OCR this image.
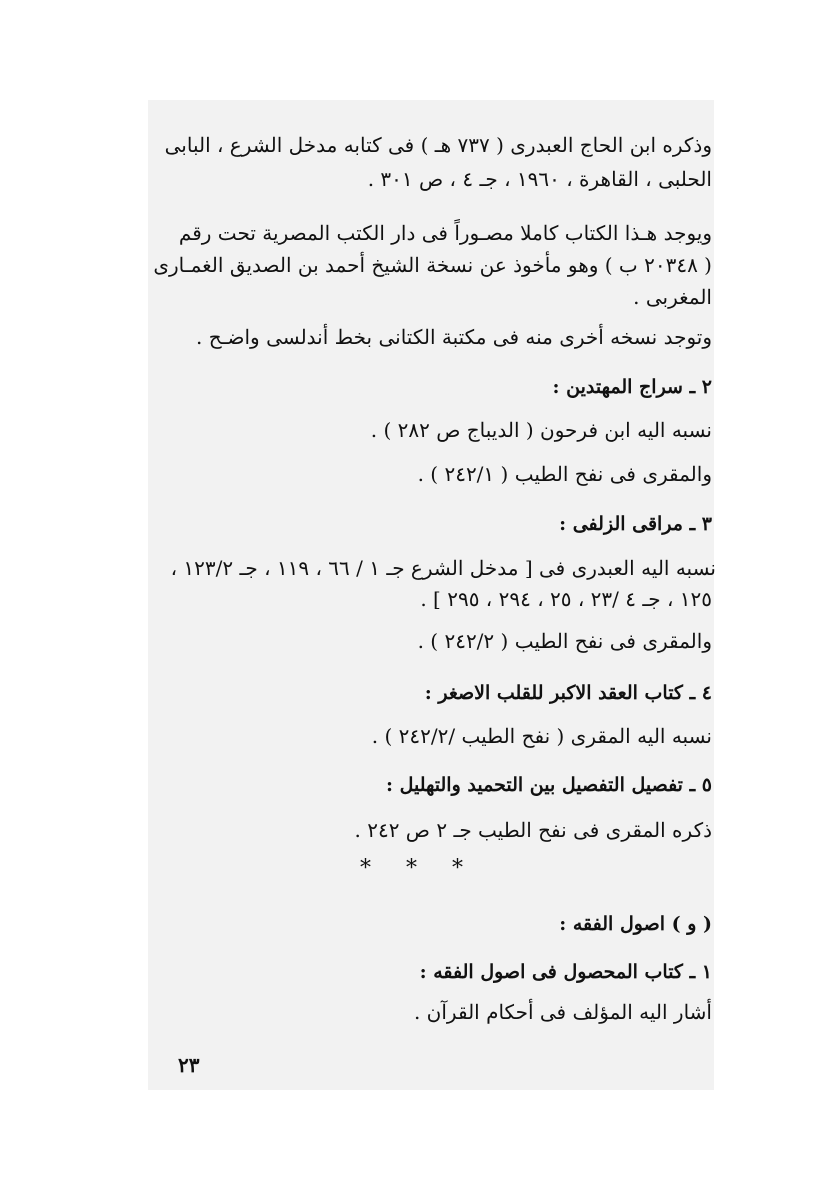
وذكره ابن الحاج العبدرى ( ٧٣٧ هـ ) فى كتابه مدخل الشرع ، البابى
الحلبى ، القاهرة ، ١٩٦٠ ، جـ ٤ ، ص ٣٠١ .
ويوجد هـذا الكتاب كاملا مصـوراً فى دار الكتب المصرية تحت رقم
( ٢٠٣٤٨ ب ) وهو مأخوذ عن نسخة الشيخ أحمد بن الصديق الغمـارى
المغربى .
وتوجد نسخه أخرى منه فى مكتبة الكتانى بخط أندلسى واضـح .
٢ ـ سراج المهتدين :
نسبه اليه ابن فرحون ( الديباج ص ٢٨٢ ) .
والمقرى فى نفح الطيب ( ٢٤٢/١ ) .
٣ ـ مراقى الزلفى :
نسبه اليه العبدرى فى [ مدخل الشرع جـ ١ / ٦٦ ، ١١٩ ، جـ ١٢٣/٢ ،
١٢٥ ، جـ ٤ /٢٣ ، ٢٥ ، ٢٩٤ ، ٢٩٥ ] .
والمقرى فى نفح الطيب ( ٢٤٢/٢ ) .
٤ ـ كتاب العقد الاكبر للقلب الاصغر :
نسبه اليه المقرى ( نفح الطيب /٢٤٢/٢ ) .
٥ ـ تفصيل التفصيل بين التحميد والتهليل :
ذكره المقرى فى نفح الطيب جـ ٢ ص ٢٤٢ .
* * *
( و ) اصول الفقه :
١ ـ كتاب المحصول فى اصول الفقه :
أشار اليه المؤلف فى أحكام القرآن .
٢٣
